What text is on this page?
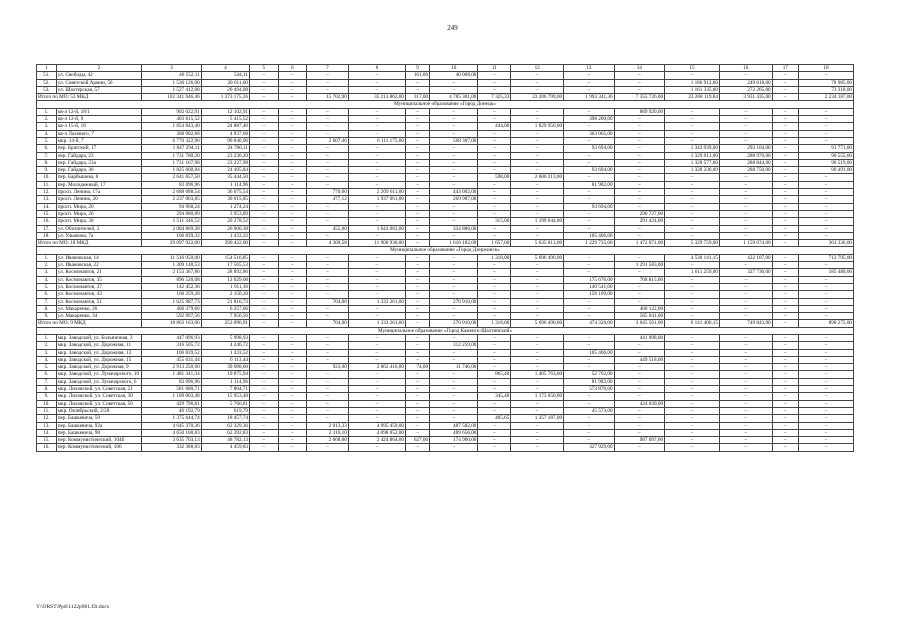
249
1	2	3	4	5	6	7	8	9	10	11	12	13	14	15	16	17	18
51.	ул. Свободы, 42	40 552,11	544,11	–	–	–	–	161,00	40 008,00	–	–	–	–	–	–	–	–
52.	ул. Советской Армии, 56	1 536 126,00	20 611,00	–	–	–	–	–	–	–	–	–	–	1 186 912,00	249 618,00	–	78 985,00
53.	ул. Шахтерская, 57	1 527 412,08	20 494,08	–	–	–	–	–	–	–	–	–	–	1 161 335,00	272 265,00	–	73 318,00
Итого по МО: 53 МКД		102 341 946,46	1 373 175,26	–	–	15 702,90	35 213 862,00	317,00	4 785 301,00	7 325,33	23 206 799,00	1 993 341,36	7 355 726,00	22 268 119,84	3 931 435,00	–	2 234 187,00
Муниципальное образование «Город Донецк»																	
1.	кв-л 12-й, 18/1	902 022,91	12 102,91	–	–	–	–	–	–	–	–	–	889 920,00	–	–	–	–
2.	кв-л 12-й, 9	403 615,52	5 415,52	–	–	–	–	–	–	–	–	398 200,00	–	–	–	–	–
3.	кв-л 15-й, 18	1 854 843,40	24 887,40	–	–	–	–	–	–	444,00	1 829 956,00	–	–	–	–	–	–
4.	кв-л Лахового, 7	368 002,68	4 937,68	–	–	–	–	–	–	–	–	363 065,00	–	–	–	–	–
5.	мкр. 14-й, 7	6 770 322,96	90 840,96	–	–	2 607,46	6 111 175,00	–	568 307,00	–	–	–	–	–	–	–	–
6.	пер. Братский, 17	1 847 294,11	24 786,11	–	–	–	–	–	–	–	–	93 694,00	–	1 343 939,00	293 104,00	–	91 771,00
7.	пер. Гайдара, 23	1 731 780,20	23 236,20	–	–	–	–	–	–	–	–	–	–	1 329 013,00	288 976,00	–	90 555,00
8.	пер. Гайдара, 23а	1 731 167,98	23 227,98	–	–	–	–	–	–	–	–	–	–	1 328 577,00	288 844,00	–	90 519,00
9.	пер. Гайдара, 36	1 825 660,84	24 495,84	–	–	–	–	–	–	–	–	93 694,00	–	1 328 230,00	288 750,00	–	90 491,00
10.	пер. Барбышева, 8	2 641 657,50	35 444,50	–	–	–	–	–	–	598,00	2 606 213,00	–	–	–	–	–	–
11.	пер. Молодежный, 17	83 096,96	1 114,96	–	–	–	–	–	–	–	–	81 982,00	–	–	–	–	–
12.	просп. Ленина, 17а	2 688 688,54	36 075,54	–	–	770,00	2 209 611,00	–	443 002,00	–	–	–	–	–	–	–	–
13.	просп. Ленина, 20	2 237 063,85	30 015,85	–	–	477,12	1 937 061,00	–	269 987,00	–	–	–	–	–	–	–	–
14.	просп. Мира, 20	94 968,24	1 274,24	–	–	–	–	–	–	–	–	93 694,00	–	–	–	–	–
15.	просп. Мира, 26	294 680,89	3 953,89	–	–	–	–	–	–	–	–	–	290 727,00	–	–	–	–
16.	просп. Мира, 30	1 511 346,52	20 278,52	–	–	–	–	–	–	315,00	1 199 644,00	–	291 424,00	–	–	–	–
17.	ул. Обозпителей, 3	2 004 869,38	26 900,38	–	–	455,00	1 643 083,00	–	334 886,00	–	–	–	–	–	–	–	–
18.	ул. Ульянова, 7а	106 839,32	1 433,32	–	–	–	–	–	–	–	–	105 406,00	–	–	–	–	–
Итого по МО: 18 МКД		29 097 922,00	390 422,00	–	–	4 309,58	11 900 930,00	–	1 616 182,00	1 657,00	5 635 813,00	1 229 735,00	1 472 071,00	5 329 759,00	1 159 674,00	–	363 336,00
Муниципальное образование «Город Дзержинск»																	
1.	ул. Ивановская, 14	11 516 050,00	154 516,85	–	–	–	–	–	–	1 318,00	5 696 490,00	–	–	4 530 141,15	422 107,00	–	712 795,00
2.	ул. Ивановская, 22	1 309 148,53	17 565,53	–	–	–	–	–	–	–	–	–	1 291 583,00	–	–	–	–
3.	ул. Космонавтов, 21	2 153 367,86	28 892,86	–	–	–	–	–	–	–	–	–	–	1 611 259,00	327 736,00	–	185 480,00
4.	ул. Космонавтов, 35	896 520,08	12 029,08	–	–	–	–	–	–	–	–	175 676,00	708 815,00	–	–	–	–
5.	ул. Космонавтов, 37	142 452,36	1 911,36	–	–	–	–	–	–	–	–	140 541,00	–	–	–	–	–
6.	ул. Космонавтов, 43	160 259,28	2 150,28	–	–	–	–	–	–	–	–	158 109,00	–	–	–	–	–
7.	ул. Космонавтов, 51	1 625 987,73	21 816,73	–	–	704,00	1 333 261,00	–	270 910,00	–	–	–	–	–	–	–	–
8.	ул. Макаренко, 26	466 379,66	6 257,66	–	–	–	–	–	–	–	–	–	460 122,00	–	–	–	–
9.	ул. Макаренко, 34	592 997,56	7 956,56	–	–	–	–	–	–	–	–	–	585 041,00	–	–	–	–
Итого по МО: 9 МКД		18 863 163,06	253 096,91	–	–	704,00	1 333 261,00	–	270 910,00	1 318,00	5 696 490,00	474 326,00	3 045 561,00	6 141 400,15	749 843,00	–	898 275,00
Муниципальное образование «Город Каменск-Шахтинский»																	
1.	мкр. Заводской, ул. Больничная, 3	447 096,93	5 998,93	–	–	–	–	–	–	–	–	–	441 098,00	–	–	–	–
2.	мкр. Заводской, ул. Дорожная, 11	316 505,72	4 246,72	–	–	–	–	–	312 259,00	–	–	–	–	–	–	–	–
3.	мкр. Заводской, ул. Дорожная, 13	106 839,52	1 433,52	–	–	–	–	–	–	–	–	105 406,00	–	–	–	–	–
4.	мкр. Заводской, ул. Дорожная, 15	455 631,44	6 113,44	–	–	–	–	–	–	–	–	–	449 518,00	–	–	–	–
5.	мкр. Заводской, ул. Дорожная, 9	2 913 250,60	39 088,60	–	–	923,00	2 862 416,00	74,00	11 746,00	–	–	–	–	–	–	–	–
6.	мкр. Заводской, ул. Луначарского, 10	1 481 341,34	19 875,94	–	–	–	–	–	–	865,40	1 405 763,00	52 702,00	–	–	–	–	–
7.	мкр. Заводской, ул. Луначарского, 6	83 096,96	1 114,96	–	–	–	–	–	–	–	–	81 982,00	–	–	–	–	–
8.	мкр. Лиховской, ул. Советская, 21	581 680,71	7 804,71	–	–	–	–	–	–	–	–	573 876,00	–	–	–	–	–
9.	мкр. Лиховской, ул. Советская, 30	1 189 003,48	15 953,48	–	–	–	–	–	–	345,40	1 173 050,00	–	–	–	–	–	–
10.	мкр. Лиховской, ул. Советская, 56	429 796,81	5 766,81	–	–	–	–	–	–	–	–	–	424 030,00	–	–	–	–
11.	мкр. Октябрьский, 2/28	46 192,79	619,79	–	–	–	–	–	–	–	–	45 573,00	–	–	–	–	–
12.	пер. Башкевича, 59	1 375 644,74	18 457,74	–	–	–	–	–	–	405,65	1 357 187,00	–	–	–	–	–	–
13.	пер. Башкевича, 92а	4 645 370,36	62 329,36	–	–	2 013,33	4 095 459,00	–	487 582,00	–	–	–	–	–	–	–	–
14.	пер. Башкевича, 98	4 650 100,83	62 392,83	–	–	2 110,10	4 098 052,00	–	489 656,00	–	–	–	–	–	–	–	–
15.	пер. Коммунистический, 104б	3 635 703,13	48 782,13	–	–	2 668,00	2 424 864,00	627,00	174 960,00	–	–	–	987 097,00	–	–	–	–
16.	пер. Коммунистический, 106	332 388,83	4 459,83	–	–	–	–	–	–	–	–	327 929,00	–	–	–	–	–
Y:\ORST\Ppd\1122p961.f2t.docx
